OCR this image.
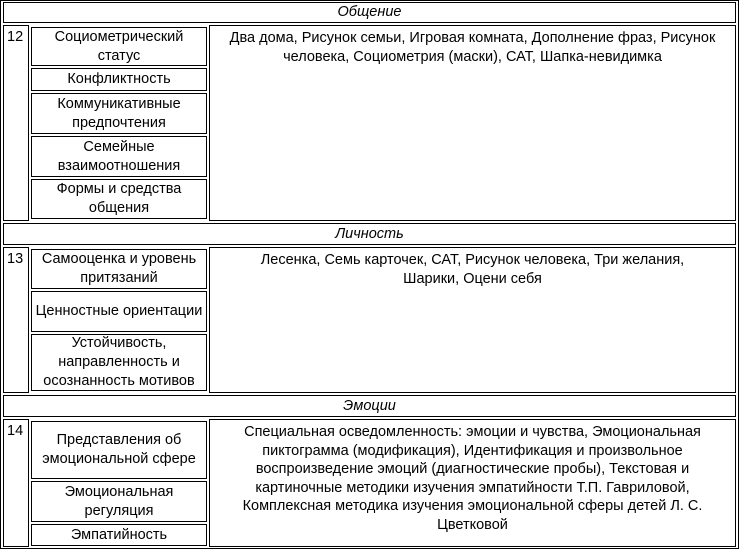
Общение
12	Социометрический статус
Конфликтность
Коммуникативные предпочтения
Семейные взаимоотношения
Формы и средства общения
Два дома, Рисунок семьи, Игровая комната, Дополнение фраз, Рисунок человека, Социометрия (маски), САТ, Шапка-невидимка
Личность
13	Самооценка и уровень притязаний
Ценностные ориентации
Устойчивость, направленность и осознанность мотивов
Лесенка, Семь карточек, САТ, Рисунок человека, Три желания, Шарики, Оцени себя
Эмоции
14
Представления об эмоциональной сфере
Эмоциональная регуляция
Эмпатийность
Специальная осведомленность: эмоции и чувства, Эмоциональная пиктограмма (модификация), Идентификация и произвольное воспроизведение эмоций (диагностические пробы), Текстовая и картиночные методики изучения эмпатийности Т.П. Гавриловой, Комплексная методика изучения эмоциональной сферы детей Л. С. Цветковой
